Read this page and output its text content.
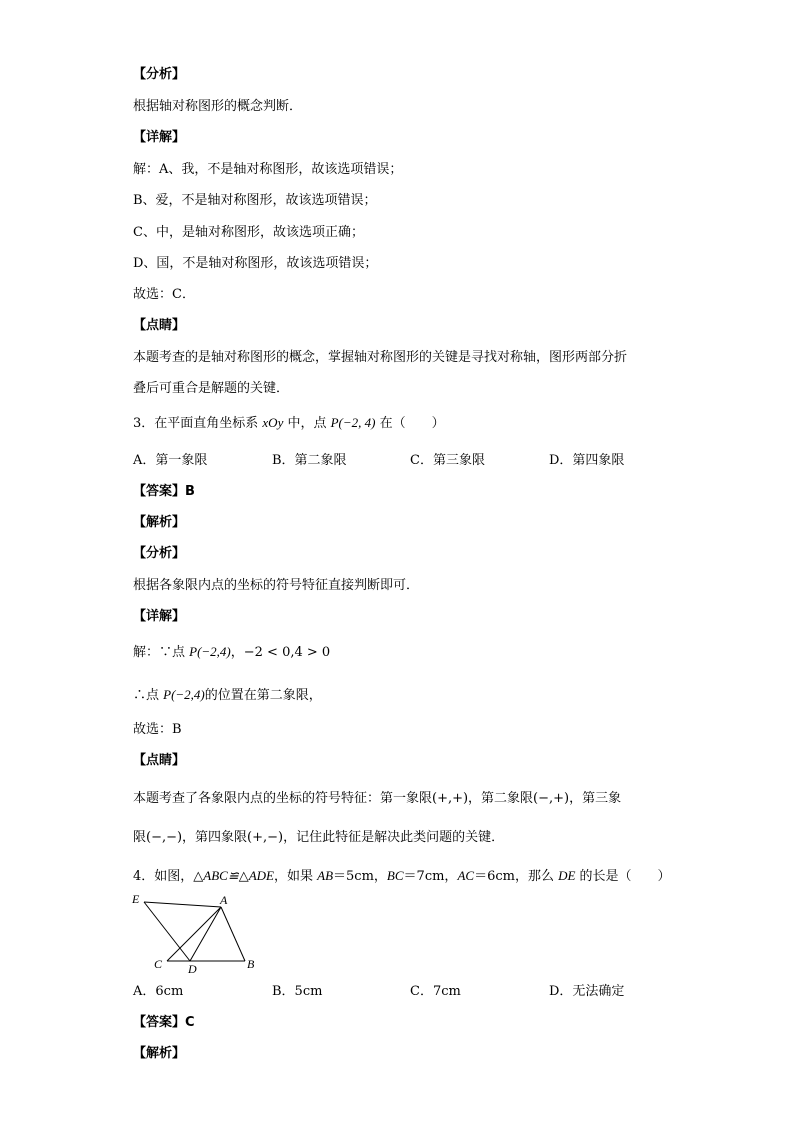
【分析】
根据轴对称图形的概念判断．
【详解】
解：A、我，不是轴对称图形，故该选项错误；
B、爱，不是轴对称图形，故该选项错误；
C、中，是轴对称图形，故该选项正确；
D、国，不是轴对称图形，故该选项错误；
故选：C．
【点睛】
本题考查的是轴对称图形的概念，掌握轴对称图形的关键是寻找对称轴，图形两部分折
叠后可重合是解题的关键．
3．在平面直角坐标系 xOy 中，点 P(−2, 4) 在（　　）
A．第一象限	B．第二象限	C．第三象限	D．第四象限
【答案】B
【解析】
【分析】
根据各象限内点的坐标的符号特征直接判断即可．
【详解】
解：∵点 P(−2,4)，−2 < 0,4 > 0
∴点 P(−2,4)的位置在第二象限，
故选：B
【点睛】
本题考查了各象限内点的坐标的符号特征：第一象限(+,+)，第二象限(−,+)，第三象
限(−,−)，第四象限(+,−)，记住此特征是解决此类问题的关键．
4．如图，△ABC≌△ADE，如果 AB＝5cm，BC＝7cm，AC＝6cm，那么 DE 的长是（　　）
E	A
C D	B
A．6cm	B．5cm	C．7cm	D．无法确定
【答案】C
【解析】
